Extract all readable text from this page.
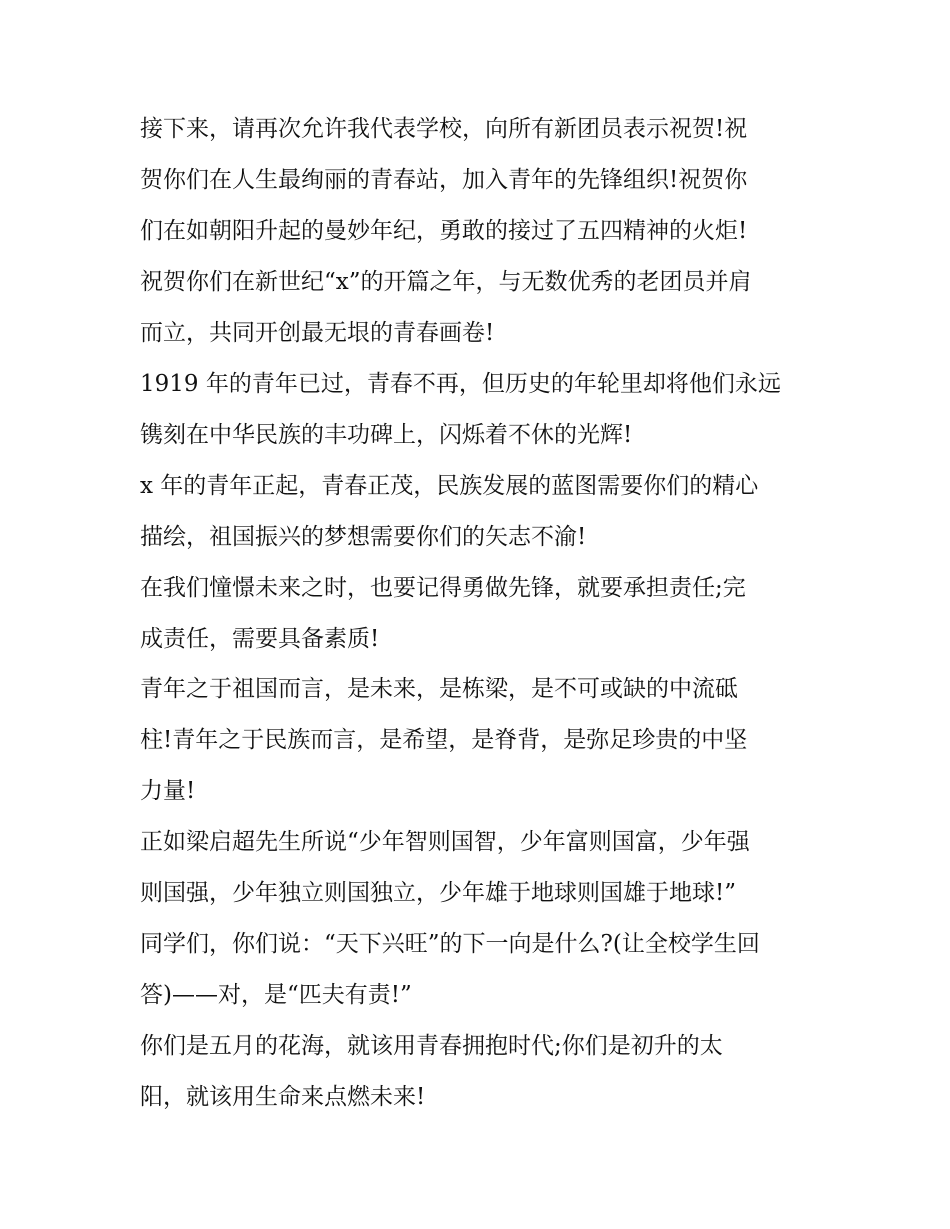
接下来，请再次允许我代表学校，向所有新团员表示祝贺!祝
贺你们在人生最绚丽的青春站，加入青年的先锋组织!祝贺你
们在如朝阳升起的曼妙年纪，勇敢的接过了五四精神的火炬!
祝贺你们在新世纪“x”的开篇之年，与无数优秀的老团员并肩
而立，共同开创最无垠的青春画卷!
1919 年的青年已过，青春不再，但历史的年轮里却将他们永远
镌刻在中华民族的丰功碑上，闪烁着不休的光辉!
x 年的青年正起，青春正茂，民族发展的蓝图需要你们的精心
描绘，祖国振兴的梦想需要你们的矢志不渝!
在我们憧憬未来之时，也要记得勇做先锋，就要承担责任;完
成责任，需要具备素质!
青年之于祖国而言，是未来，是栋梁，是不可或缺的中流砥
柱!青年之于民族而言，是希望，是脊背，是弥足珍贵的中坚
力量!
正如梁启超先生所说“少年智则国智，少年富则国富，少年强
则国强，少年独立则国独立，少年雄于地球则国雄于地球!”
同学们，你们说：“天下兴旺”的下一向是什么?(让全校学生回
答)——对，是“匹夫有责!”
你们是五月的花海，就该用青春拥抱时代;你们是初升的太
阳，就该用生命来点燃未来!
